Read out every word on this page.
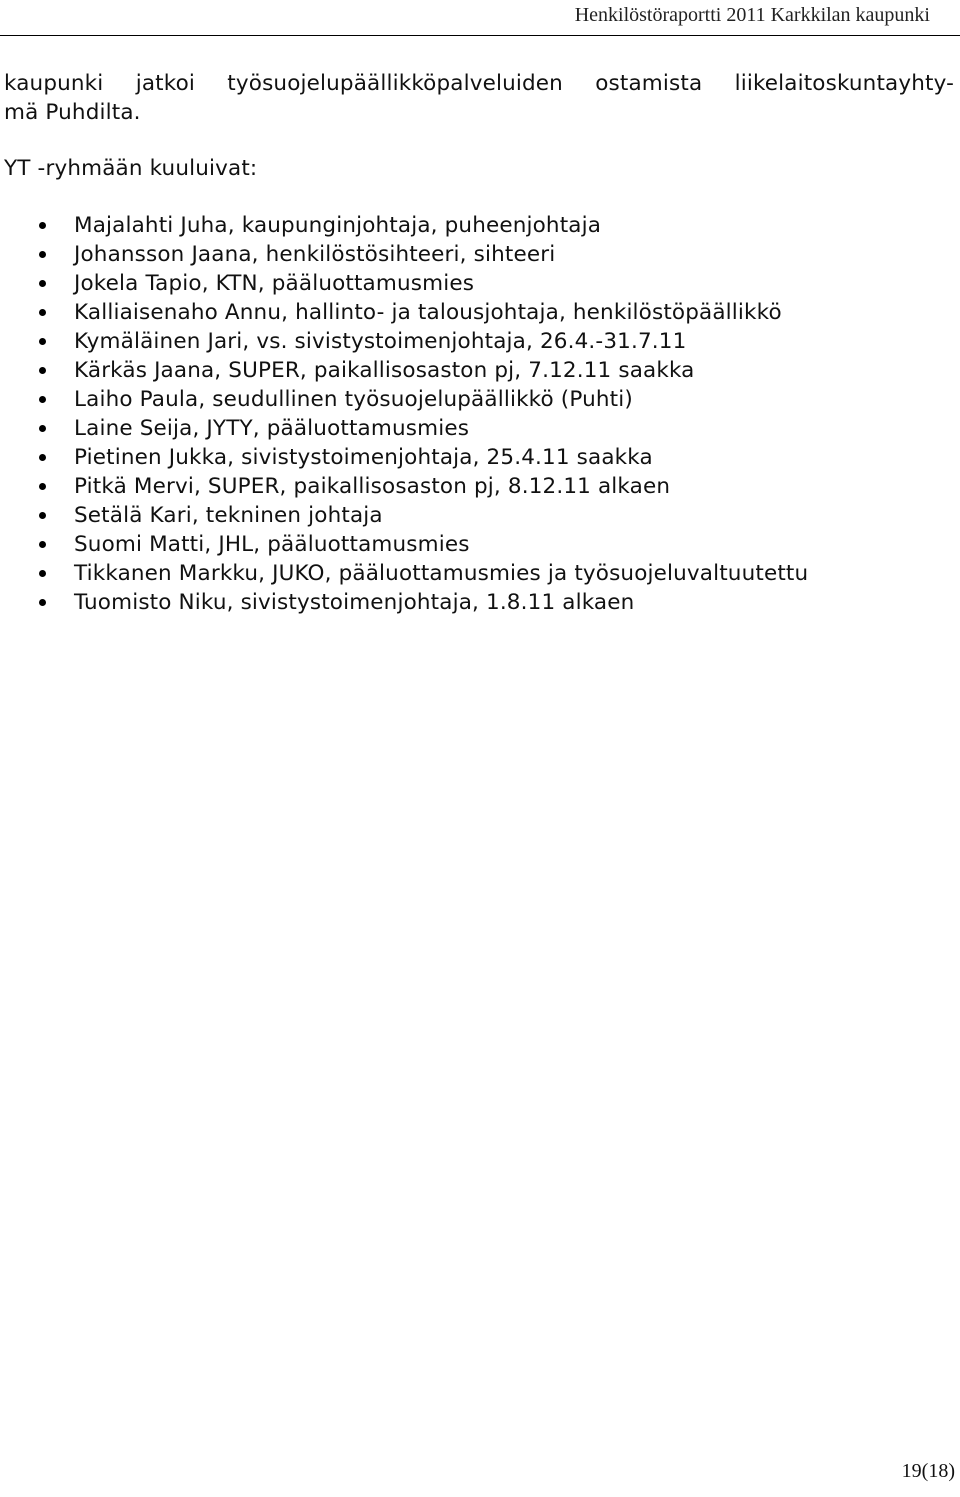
Henkilöstöraportti 2011 Karkkilan kaupunki

kaupunki jatkoi työsuojelupäällikköpalveluiden ostamista liikelaitoskuntayhty-
mä Puhdilta.

YT -ryhmään kuuluivat:

Majalahti Juha, kaupunginjohtaja, puheenjohtaja
Johansson Jaana, henkilöstösihteeri, sihteeri
Jokela Tapio, KTN, pääluottamusmies
Kalliaisenaho Annu, hallinto- ja talousjohtaja, henkilöstöpäällikkö
Kymäläinen Jari, vs. sivistystoimenjohtaja, 26.4.-31.7.11
Kärkäs Jaana, SUPER, paikallisosaston pj, 7.12.11 saakka
Laiho Paula, seudullinen työsuojelupäällikkö (Puhti)
Laine Seija, JYTY, pääluottamusmies
Pietinen Jukka, sivistystoimenjohtaja, 25.4.11 saakka
Pitkä Mervi, SUPER, paikallisosaston pj, 8.12.11 alkaen
Setälä Kari, tekninen johtaja
Suomi Matti, JHL, pääluottamusmies
Tikkanen Markku, JUKO, pääluottamusmies ja työsuojeluvaltuutettu
Tuomisto Niku, sivistystoimenjohtaja, 1.8.11 alkaen
19(18)
